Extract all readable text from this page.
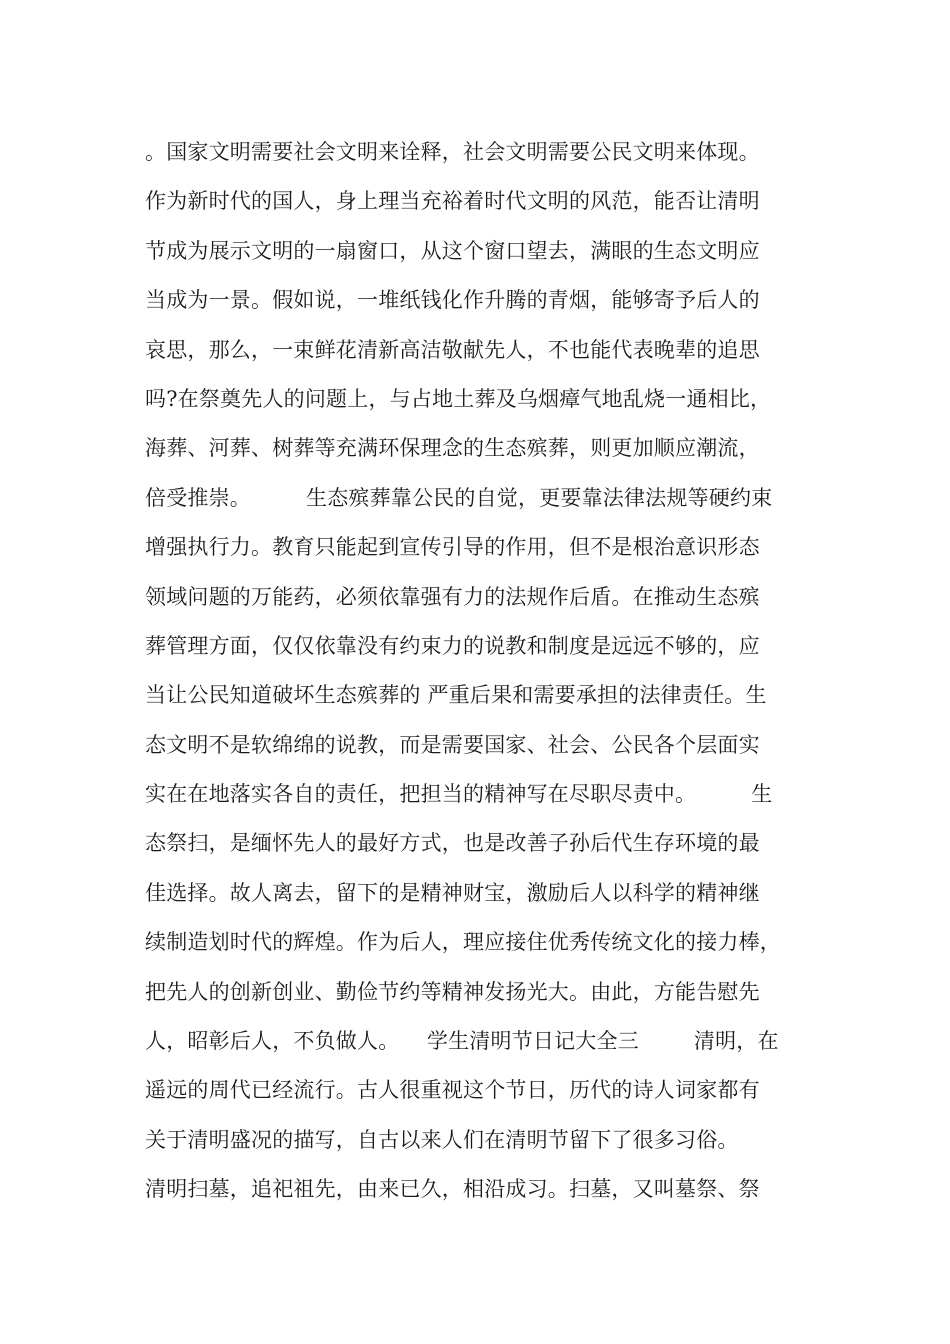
。国家文明需要社会文明来诠释，社会文明需要公民文明来体现。
作为新时代的国人，身上理当充裕着时代文明的风范，能否让清明
节成为展示文明的一扇窗口，从这个窗口望去，满眼的生态文明应
当成为一景。假如说，一堆纸钱化作升腾的青烟，能够寄予后人的
哀思，那么，一束鲜花清新高洁敬献先人，不也能代表晚辈的追思
吗?在祭奠先人的问题上，与占地土葬及乌烟瘴气地乱烧一通相比，
海葬、河葬、树葬等充满环保理念的生态殡葬，则更加顺应潮流，
倍受推崇。        生态殡葬靠公民的自觉，更要靠法律法规等硬约束
增强执行力。教育只能起到宣传引导的作用，但不是根治意识形态
领域问题的万能药，必须依靠强有力的法规作后盾。在推动生态殡
葬管理方面，仅仅依靠没有约束力的说教和制度是远远不够的，应
当让公民知道破坏生态殡葬的 严重后果和需要承担的法律责任。生
态文明不是软绵绵的说教，而是需要国家、社会、公民各个层面实
实在在地落实各自的责任，把担当的精神写在尽职尽责中。        生
态祭扫，是缅怀先人的最好方式，也是改善子孙后代生存环境的最
佳选择。故人离去，留下的是精神财宝，激励后人以科学的精神继
续制造划时代的辉煌。作为后人，理应接住优秀传统文化的接力棒，
把先人的创新创业、勤俭节约等精神发扬光大。由此，方能告慰先
人，昭彰后人，不负做人。    学生清明节日记大全三        清明，在
遥远的周代已经流行。古人很重视这个节日，历代的诗人词家都有
关于清明盛况的描写，自古以来人们在清明节留下了很多习俗。
清明扫墓，追祀祖先，由来已久，相沿成习。扫墓，又叫墓祭、祭
